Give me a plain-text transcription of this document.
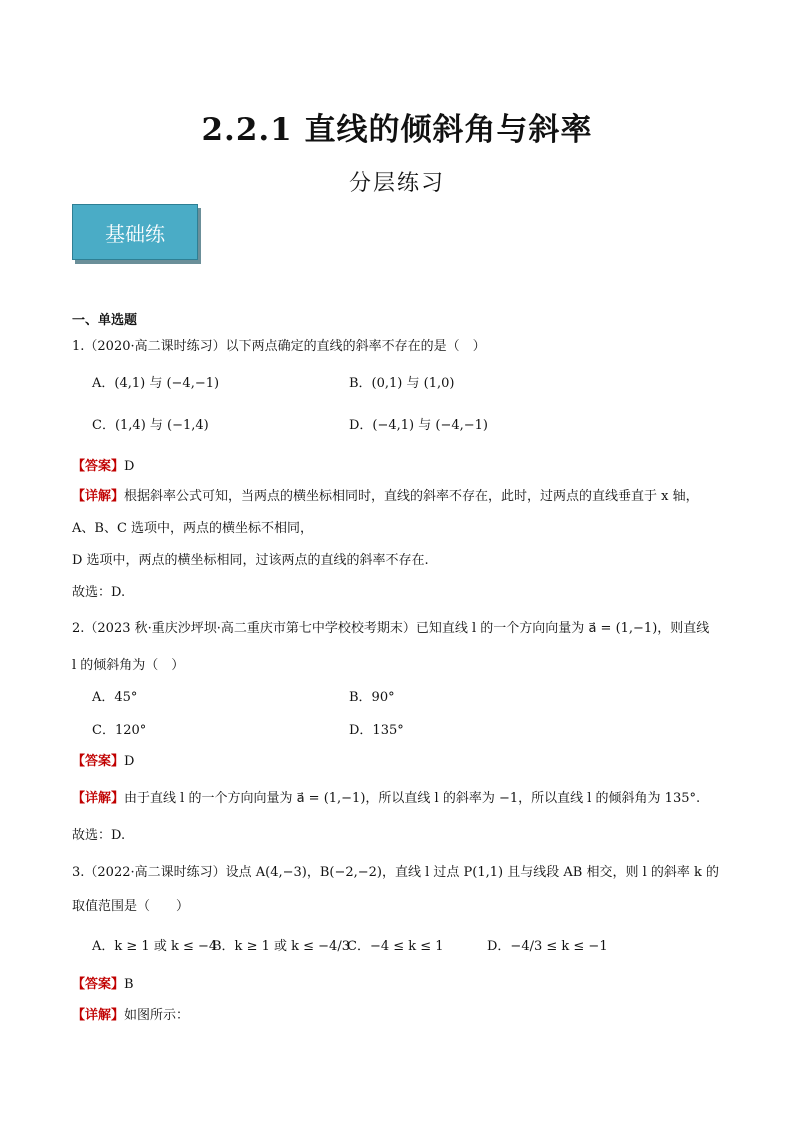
2.2.1 直线的倾斜角与斜率
分层练习
基础练
一、单选题
1.（2020·高二课时练习）以下两点确定的直线的斜率不存在的是（　）
A．(4,1) 与 (−4,−1)	B．(0,1) 与 (1,0)
C．(1,4) 与 (−1,4)	D．(−4,1) 与 (−4,−1)
【答案】D
【详解】根据斜率公式可知，当两点的横坐标相同时，直线的斜率不存在，此时，过两点的直线垂直于 x 轴，
A、B、C 选项中，两点的横坐标不相同，
D 选项中，两点的横坐标相同，过该两点的直线的斜率不存在.
故选：D.
2.（2023 秋·重庆沙坪坝·高二重庆市第七中学校校考期末）已知直线 l 的一个方向向量为 a⃗ = (1,−1)，则直线
l 的倾斜角为（　）
A．45°	B．90°
C．120°	D．135°
【答案】D
【详解】由于直线 l 的一个方向向量为 a⃗ = (1,−1)，所以直线 l 的斜率为 −1，所以直线 l 的倾斜角为 135°.
故选：D.
3.（2022·高二课时练习）设点 A(4,−3)，B(−2,−2)，直线 l 过点 P(1,1) 且与线段 AB 相交，则 l 的斜率 k 的
取值范围是（　　）
A．k ≥ 1 或 k ≤ −4
B．k ≥ 1 或 k ≤ −4/3
C．−4 ≤ k ≤ 1	D．−4/3 ≤ k ≤ −1
【答案】B
【详解】如图所示：
